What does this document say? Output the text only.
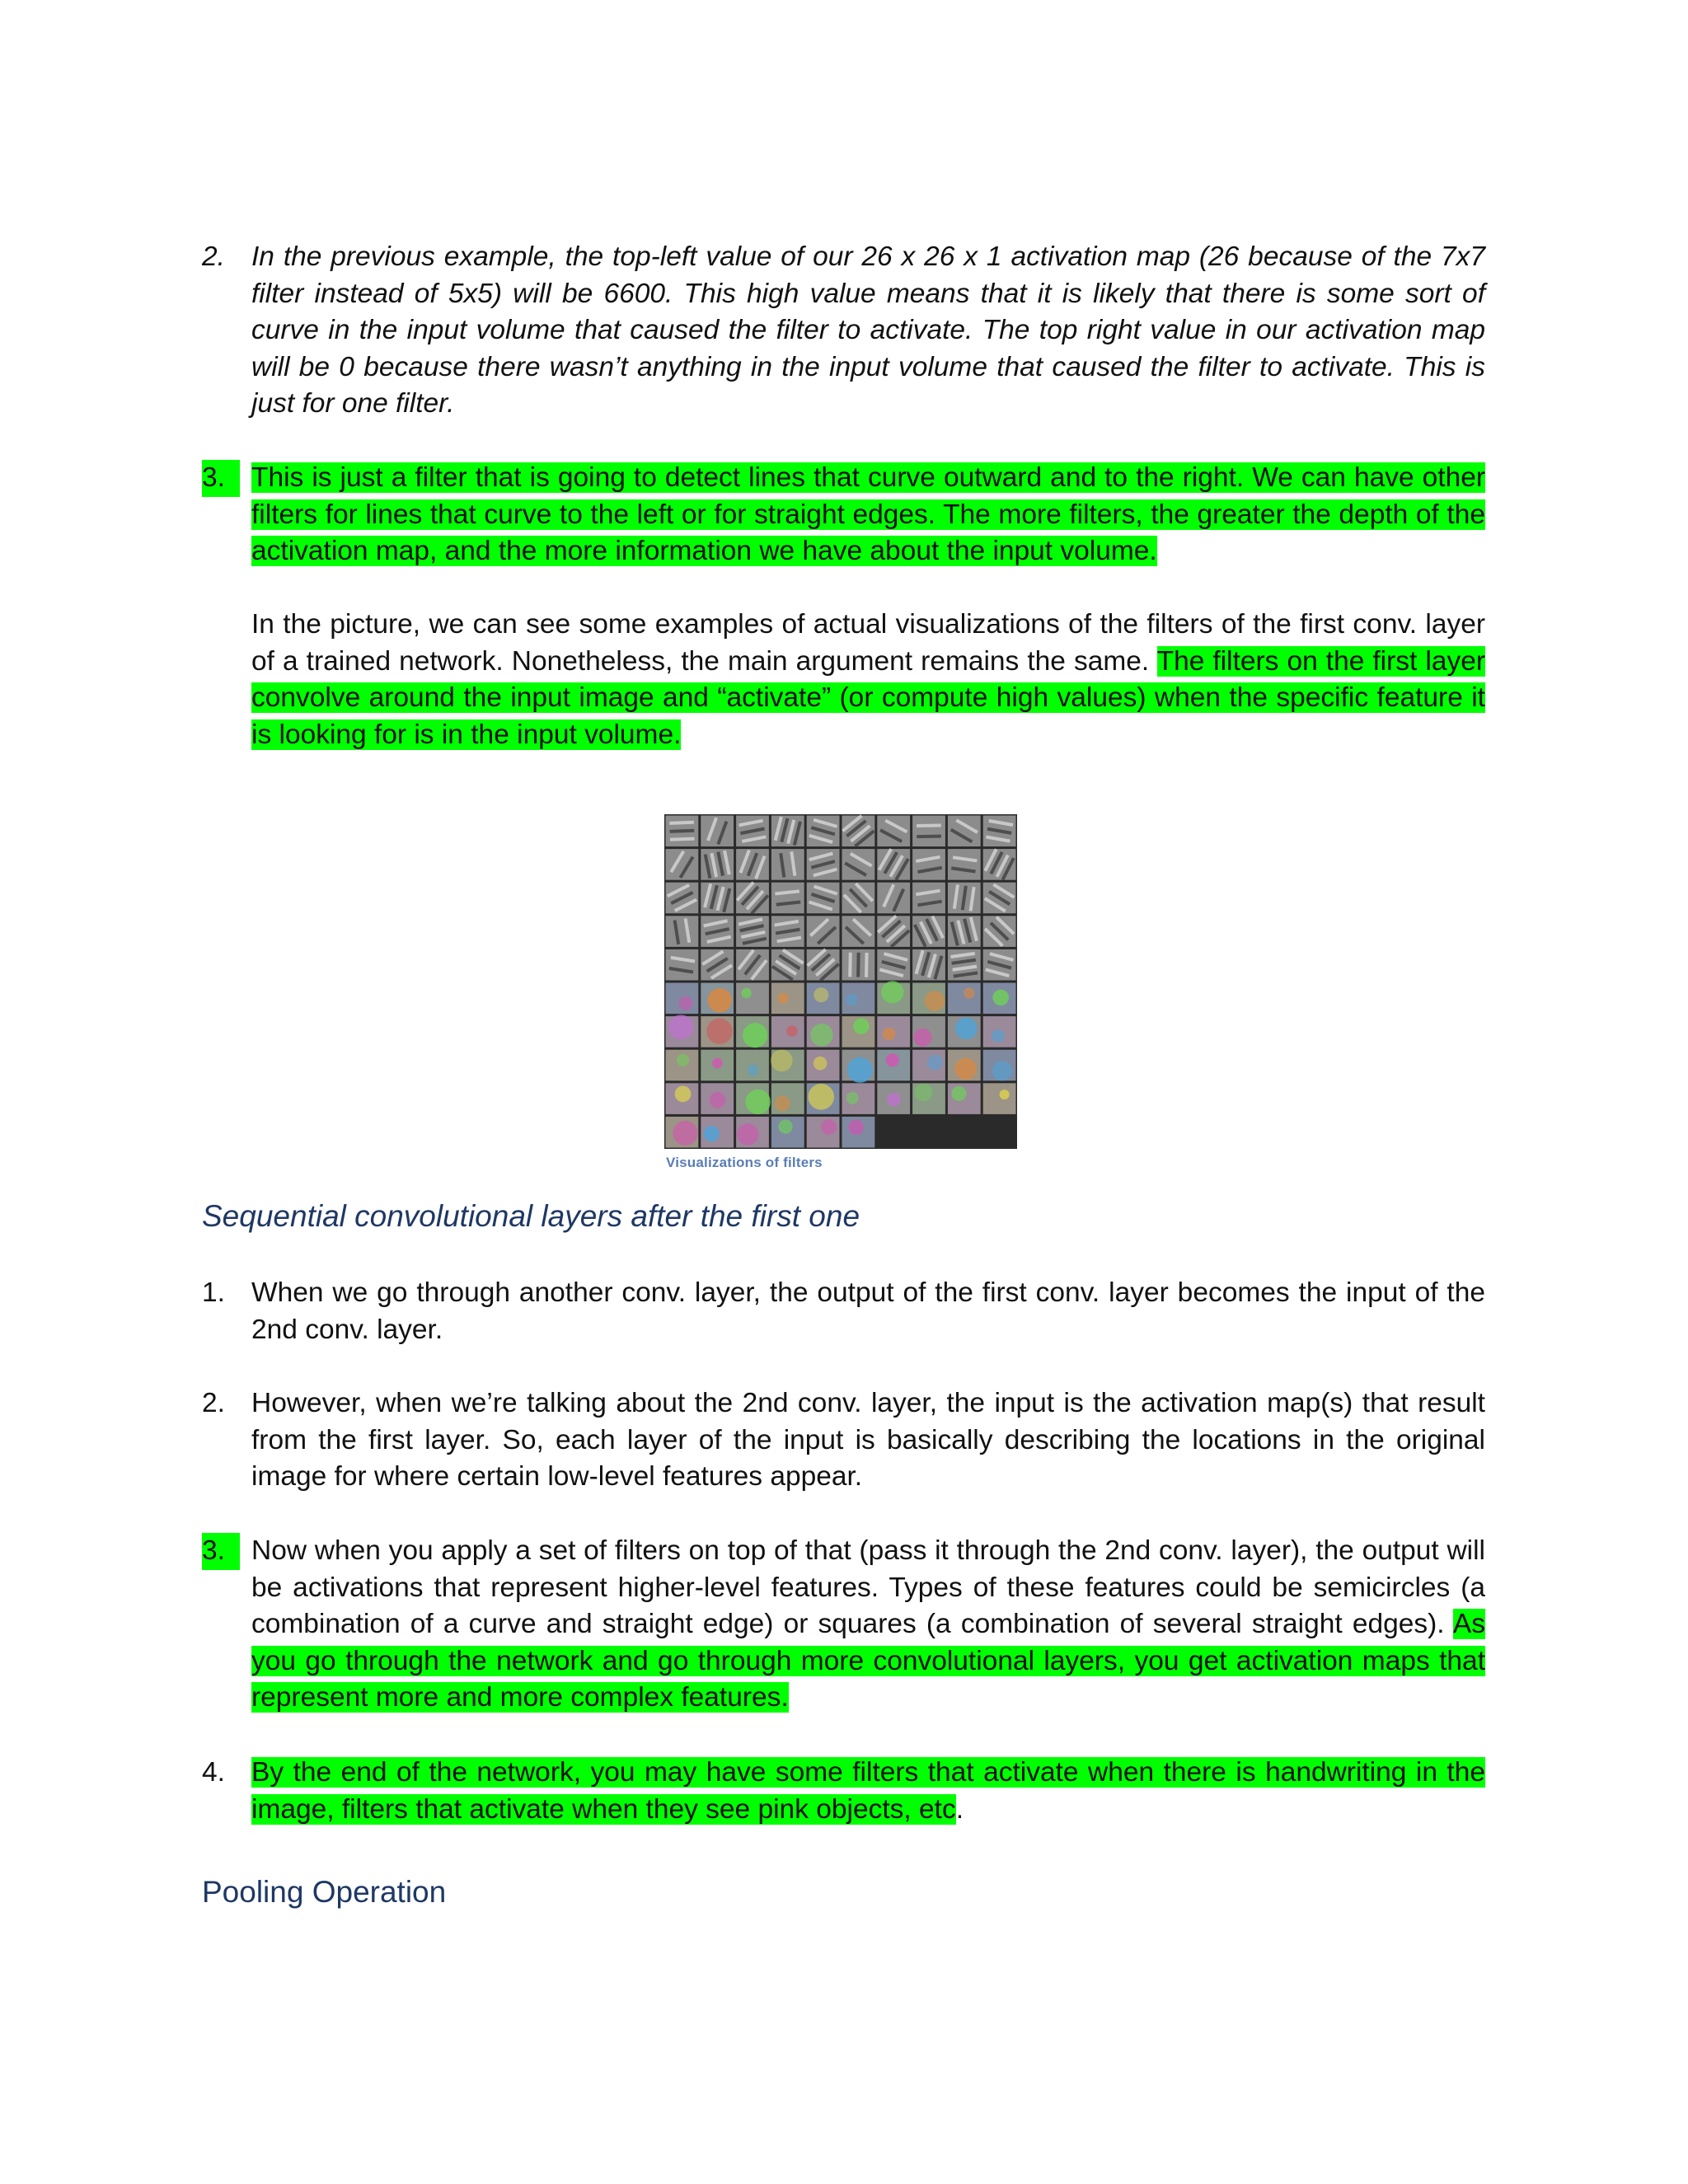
2. In the previous example, the top-left value of our 26 x 26 x 1 activation map (26 because of the 7x7 filter instead of 5x5) will be 6600. This high value means that it is likely that there is some sort of curve in the input volume that caused the filter to activate. The top right value in our activation map will be 0 because there wasn’t anything in the input volume that caused the filter to activate. This is just for one filter.

3. This is just a filter that is going to detect lines that curve outward and to the right. We can have other filters for lines that curve to the left or for straight edges. The more filters, the greater the depth of the activation map, and the more information we have about the input volume.

In the picture, we can see some examples of actual visualizations of the filters of the first conv. layer of a trained network. Nonetheless, the main argument remains the same. The filters on the first layer convolve around the input image and “activate” (or compute high values) when the specific feature it is looking for is in the input volume.

Visualizations of filters

Sequential convolutional layers after the first one

1. When we go through another conv. layer, the output of the first conv. layer becomes the input of the 2nd conv. layer.

2. However, when we’re talking about the 2nd conv. layer, the input is the activation map(s) that result from the first layer. So, each layer of the input is basically describing the locations in the original image for where certain low-level features appear.

3. Now when you apply a set of filters on top of that (pass it through the 2nd conv. layer), the output will be activations that represent higher-level features. Types of these features could be semicircles (a combination of a curve and straight edge) or squares (a combination of several straight edges). As you go through the network and go through more convolutional layers, you get activation maps that represent more and more complex features.

4. By the end of the network, you may have some filters that activate when there is handwriting in the image, filters that activate when they see pink objects, etc.

Pooling Operation
